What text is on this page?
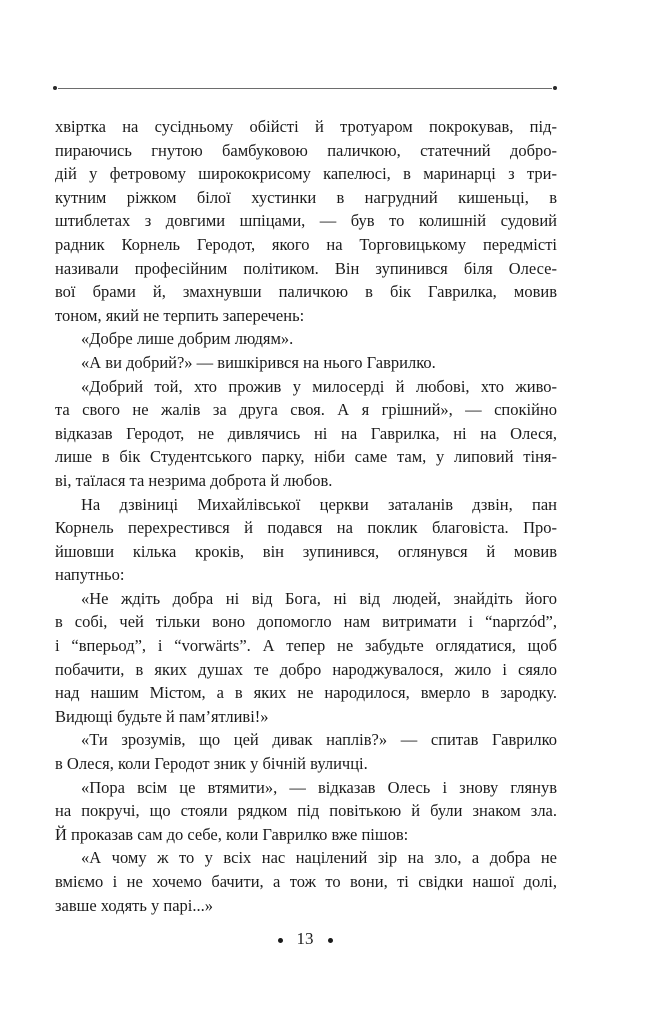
хвіртка на сусідньому обійсті й тротуаром покрокував, під-
пираючись гнутою бамбуковою паличкою, статечний добро-
дій у фетровому ширококрисому капелюсі, в маринарці з три-
кутним ріжком білої хустинки в нагрудний кишеньці, в
штиблетах з довгими шпіцами, — був то колишній судовий
радник Корнель Геродот, якого на Торговицькому передмісті
називали професійним політиком. Він зупинився біля Олесе-
вої брами й, змахнувши паличкою в бік Гаврилка, мовив
тоном, який не терпить заперечень:
«Добре лише добрим людям».
«А ви добрий?» — вишкірився на нього Гаврилко.
«Добрий той, хто прожив у милосерді й любові, хто живо-
та свого не жалів за друга своя. А я грішний», — спокійно
відказав Геродот, не дивлячись ні на Гаврилка, ні на Олеся,
лише в бік Студентського парку, ніби саме там, у липовий тіня-
ві, таїлася та незрима доброта й любов.
На дзвіниці Михайлівської церкви заталанів дзвін, пан
Корнель перехрестився й подався на поклик благовіста. Про-
йшовши кілька кроків, він зупинився, оглянувся й мовив
напутньо:
«Не ждіть добра ні від Бога, ні від людей, знайдіть його
в собі, чей тільки воно допомогло нам витримати і “naprzód”,
і “вперьод”, і “vorwärts”. А тепер не забудьте оглядатися, щоб
побачити, в яких душах те добро народжувалося, жило і сяяло
над нашим Містом, а в яких не народилося, вмерло в зародку.
Видющі будьте й пам’ятливі!»
«Ти зрозумів, що цей дивак наплів?» — спитав Гаврилко
в Олеся, коли Геродот зник у бічній вуличці.
«Пора всім це втямити», — відказав Олесь і знову глянув
на покручі, що стояли рядком під повітькою й були знаком зла.
Й проказав сам до себе, коли Гаврилко вже пішов:
«А чому ж то у всіх нас націлений зір на зло, а добра не
вміємо і не хочемо бачити, а тож то вони, ті свідки нашої долі,
завше ходять у парі...»
13
